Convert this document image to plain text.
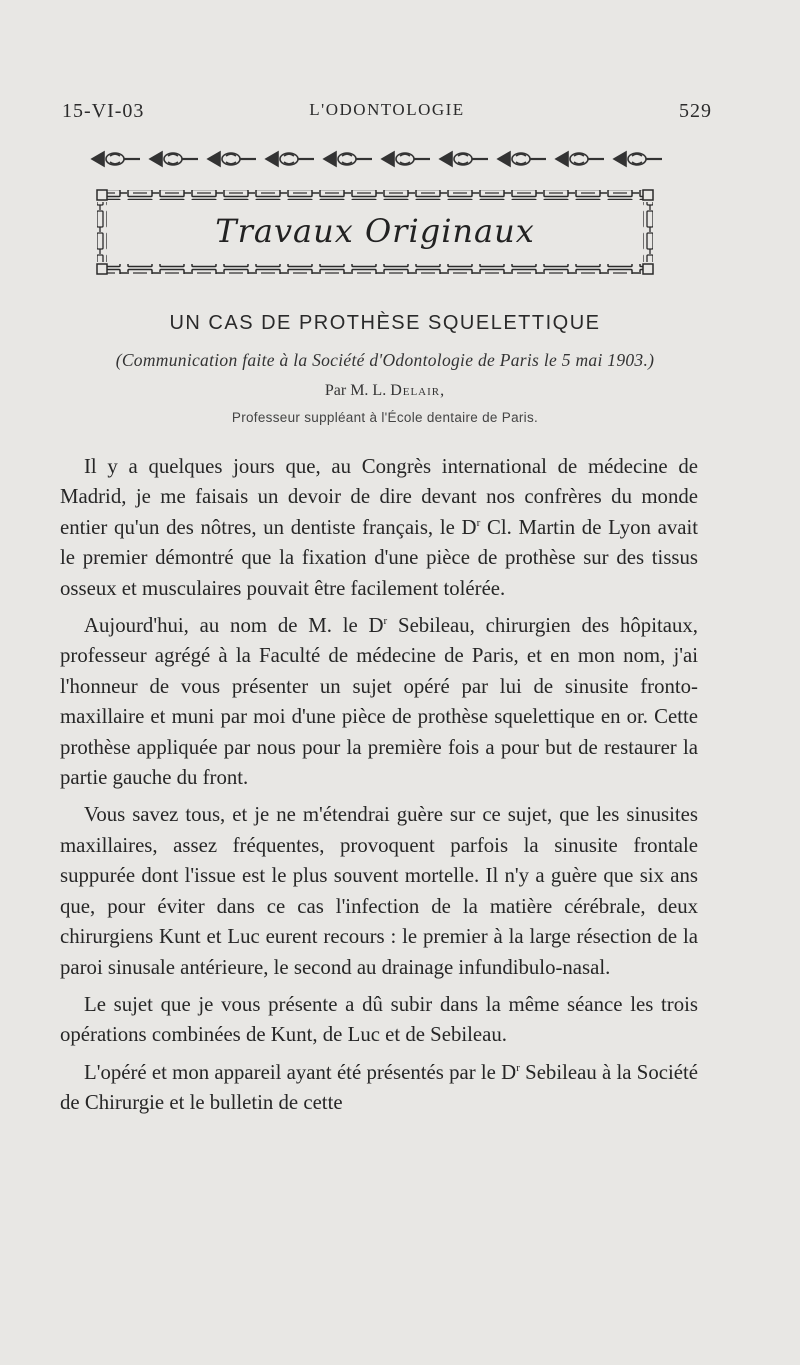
15-VI-03	L'ODONTOLOGIE	529
Travaux Originaux
UN CAS DE PROTHÈSE SQUELETTIQUE
(Communication faite à la Société d'Odontologie de Paris le 5 mai 1903.)
Par M. L. Delair,
Professeur suppléant à l'École dentaire de Paris.

Il y a quelques jours que, au Congrès international de médecine de Madrid, je me faisais un devoir de dire devant nos confrères du monde entier qu'un des nôtres, un dentiste français, le $D^r$ Cl. Martin de Lyon avait le premier démontré que la fixation d'une pièce de prothèse sur des tissus osseux et musculaires pouvait être facilement tolérée.

Aujourd'hui, au nom de M. le $D^r$ Sebileau, chirurgien des hôpitaux, professeur agrégé à la Faculté de médecine de Paris, et en mon nom, j'ai l'honneur de vous présenter un sujet opéré par lui de sinusite fronto-maxillaire et muni par moi d'une pièce de prothèse squelettique en or. Cette prothèse appliquée par nous pour la première fois a pour but de restaurer la partie gauche du front.

Vous savez tous, et je ne m'étendrai guère sur ce sujet, que les sinusites maxillaires, assez fréquentes, provoquent parfois la sinusite frontale suppurée dont l'issue est le plus souvent mortelle. Il n'y a guère que six ans que, pour éviter dans ce cas l'infection de la matière cérébrale, deux chirurgiens Kunt et Luc eurent recours : le premier à la large résection de la paroi sinusale antérieure, le second au drainage infundibulo-nasal.

Le sujet que je vous présente a dû subir dans la même séance les trois opérations combinées de Kunt, de Luc et de Sebileau.

L'opéré et mon appareil ayant été présentés par le $D^r$ Sebileau à la Société de Chirurgie et le bulletin de cette
